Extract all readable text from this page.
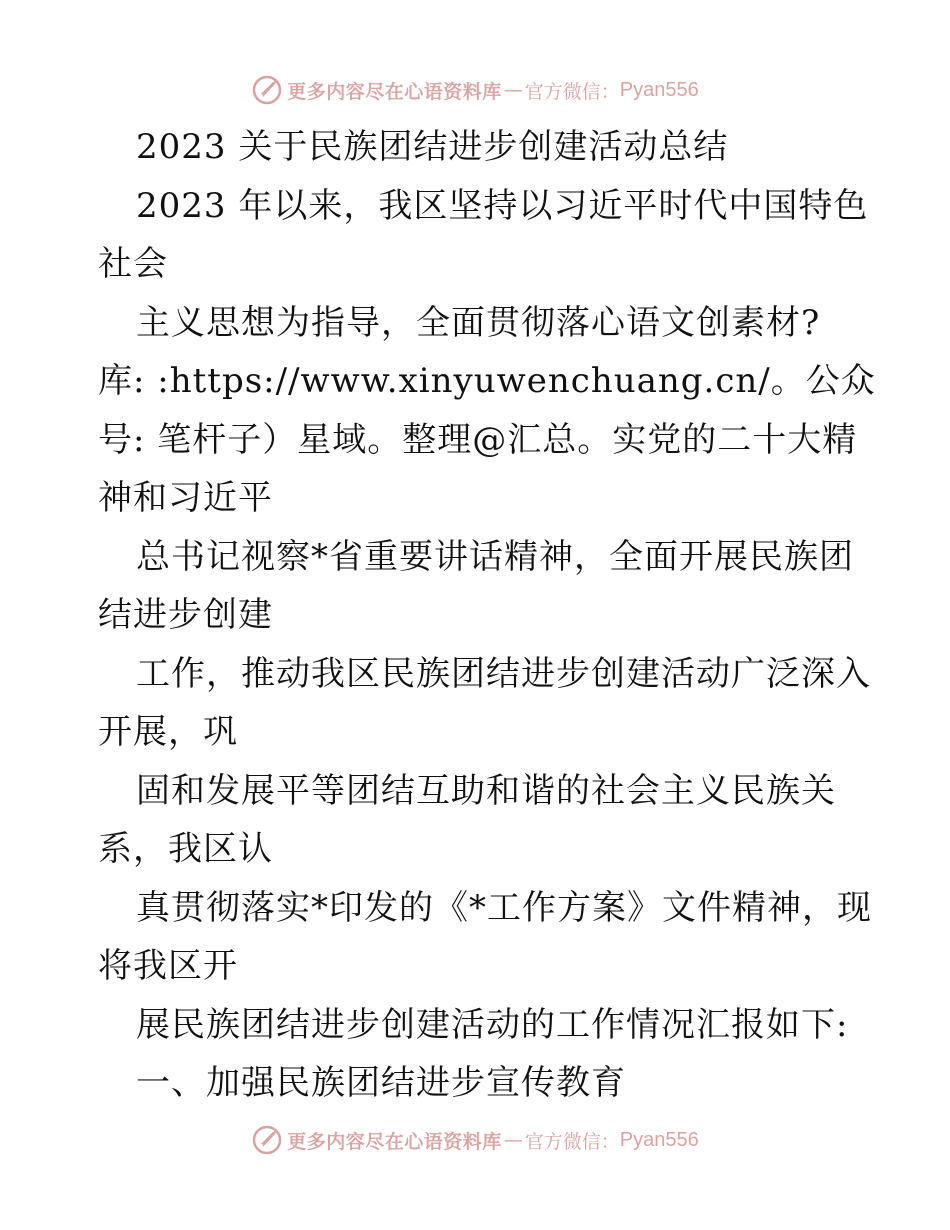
更多内容尽在心语资料库 — 官方微信： Pyan556
2023 关于民族团结进步创建活动总结
2023 年以来，我区坚持以习近平时代中国特色
社会
主义思想为指导，全面贯彻落心语文创素材?
库: :https://www.xinyuwenchuang.cn/。公众
号: 笔杆子）星域。整理@汇总。实党的二十大精
神和习近平
总书记视察*省重要讲话精神，全面开展民族团
结进步创建
工作，推动我区民族团结进步创建活动广泛深入
开展，巩
固和发展平等团结互助和谐的社会主义民族关
系，我区认
真贯彻落实*印发的《*工作方案》文件精神，现
将我区开
展民族团结进步创建活动的工作情况汇报如下:
一、加强民族团结进步宣传教育
更多内容尽在心语资料库 — 官方微信： Pyan556
